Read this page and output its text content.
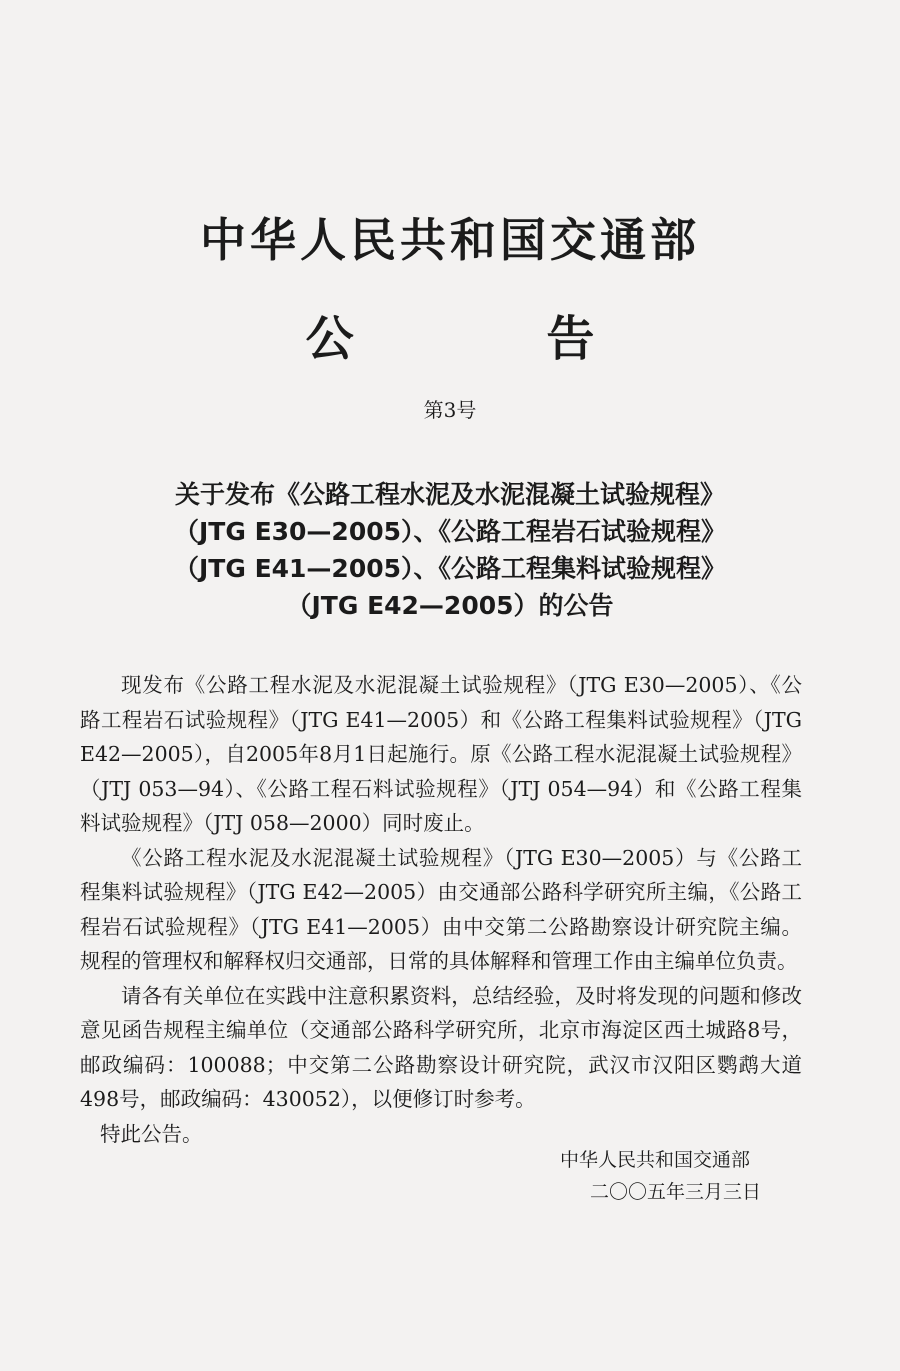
中华人民共和国交通部
公 告
第3号
关于发布《公路工程水泥及水泥混凝土试验规程》
（JTG E30—2005）、《公路工程岩石试验规程》
（JTG E41—2005）、《公路工程集料试验规程》
（JTG E42—2005）的公告

现发布《公路工程水泥及水泥混凝土试验规程》（JTG E30—2005）、《公路工程岩石试验规程》（JTG E41—2005）和《公路工程集料试验规程》（JTG E42—2005），自2005年8月1日起施行。原《公路工程水泥混凝土试验规程》（JTJ 053—94）、《公路工程石料试验规程》（JTJ 054—94）和《公路工程集料试验规程》（JTJ 058—2000）同时废止。

《公路工程水泥及水泥混凝土试验规程》（JTG E30—2005）与《公路工程集料试验规程》（JTG E42—2005）由交通部公路科学研究所主编，《公路工程岩石试验规程》（JTG E41—2005）由中交第二公路勘察设计研究院主编。规程的管理权和解释权归交通部，日常的具体解释和管理工作由主编单位负责。

请各有关单位在实践中注意积累资料，总结经验，及时将发现的问题和修改意见函告规程主编单位（交通部公路科学研究所，北京市海淀区西土城路8号，邮政编码：100088；中交第二公路勘察设计研究院，武汉市汉阳区鹦鹉大道498号，邮政编码：430052），以便修订时参考。

特此公告。

中华人民共和国交通部
二〇〇五年三月三日
